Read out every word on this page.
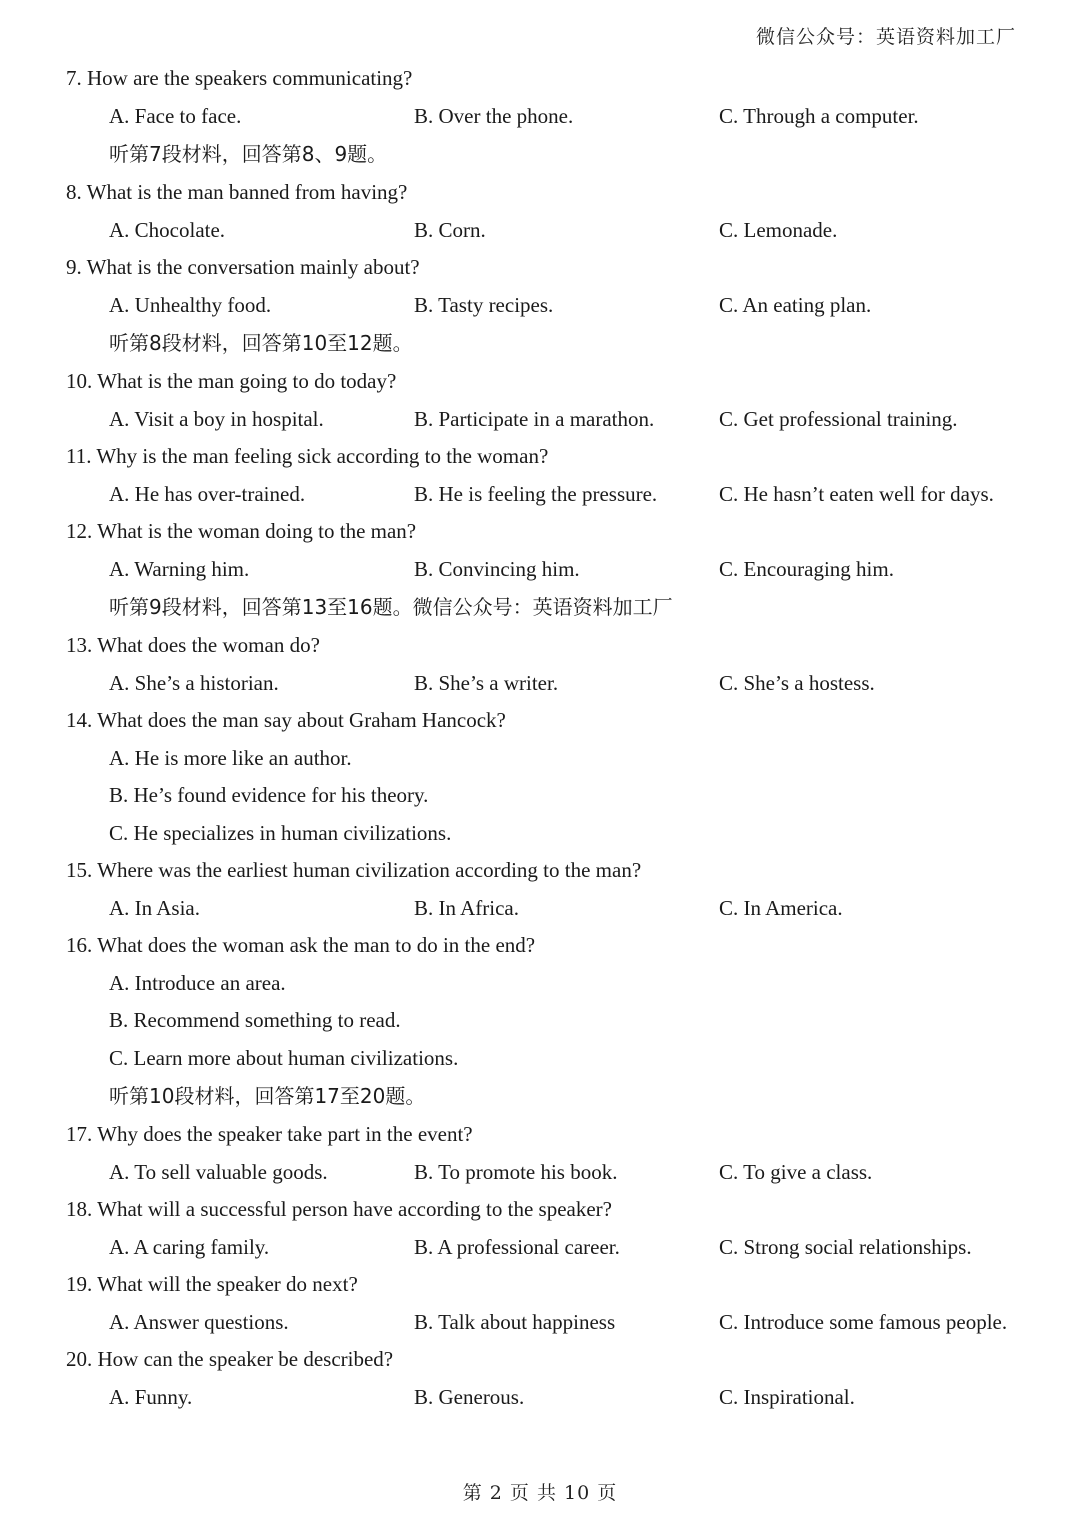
微信公众号：英语资料加工厂
7. How are the speakers communicating?
A. Face to face.	B. Over the phone.	C. Through a computer.
听第7段材料，回答第8、9题。
8. What is the man banned from having?
A. Chocolate.	B. Corn.	C. Lemonade.
9. What is the conversation mainly about?
A. Unhealthy food.	B. Tasty recipes.	C. An eating plan.
听第8段材料，回答第10至12题。
10. What is the man going to do today?
A. Visit a boy in hospital.	B. Participate in a marathon.	C. Get professional training.
11. Why is the man feeling sick according to the woman?
A. He has over-trained.	B. He is feeling the pressure.	C. He hasn’t eaten well for days.
12. What is the woman doing to the man?
A. Warning him.	B. Convincing him.	C. Encouraging him.
听第9段材料，回答第13至16题。微信公众号：英语资料加工厂
13. What does the woman do?
A. She’s a historian.	B. She’s a writer.	C. She’s a hostess.
14. What does the man say about Graham Hancock?
A. He is more like an author.
B. He’s found evidence for his theory.
C. He specializes in human civilizations.
15. Where was the earliest human civilization according to the man?
A. In Asia.	B. In Africa.	C. In America.
16. What does the woman ask the man to do in the end?
A. Introduce an area.
B. Recommend something to read.
C. Learn more about human civilizations.
听第10段材料，回答第17至20题。
17. Why does the speaker take part in the event?
A. To sell valuable goods.	B. To promote his book.	C. To give a class.
18. What will a successful person have according to the speaker?
A. A caring family.	B. A professional career.	C. Strong social relationships.
19. What will the speaker do next?
A. Answer questions.	B. Talk about happiness	C. Introduce some famous people.
20. How can the speaker be described?
A. Funny.	B. Generous.	C. Inspirational.
第 2 页 共 10 页
